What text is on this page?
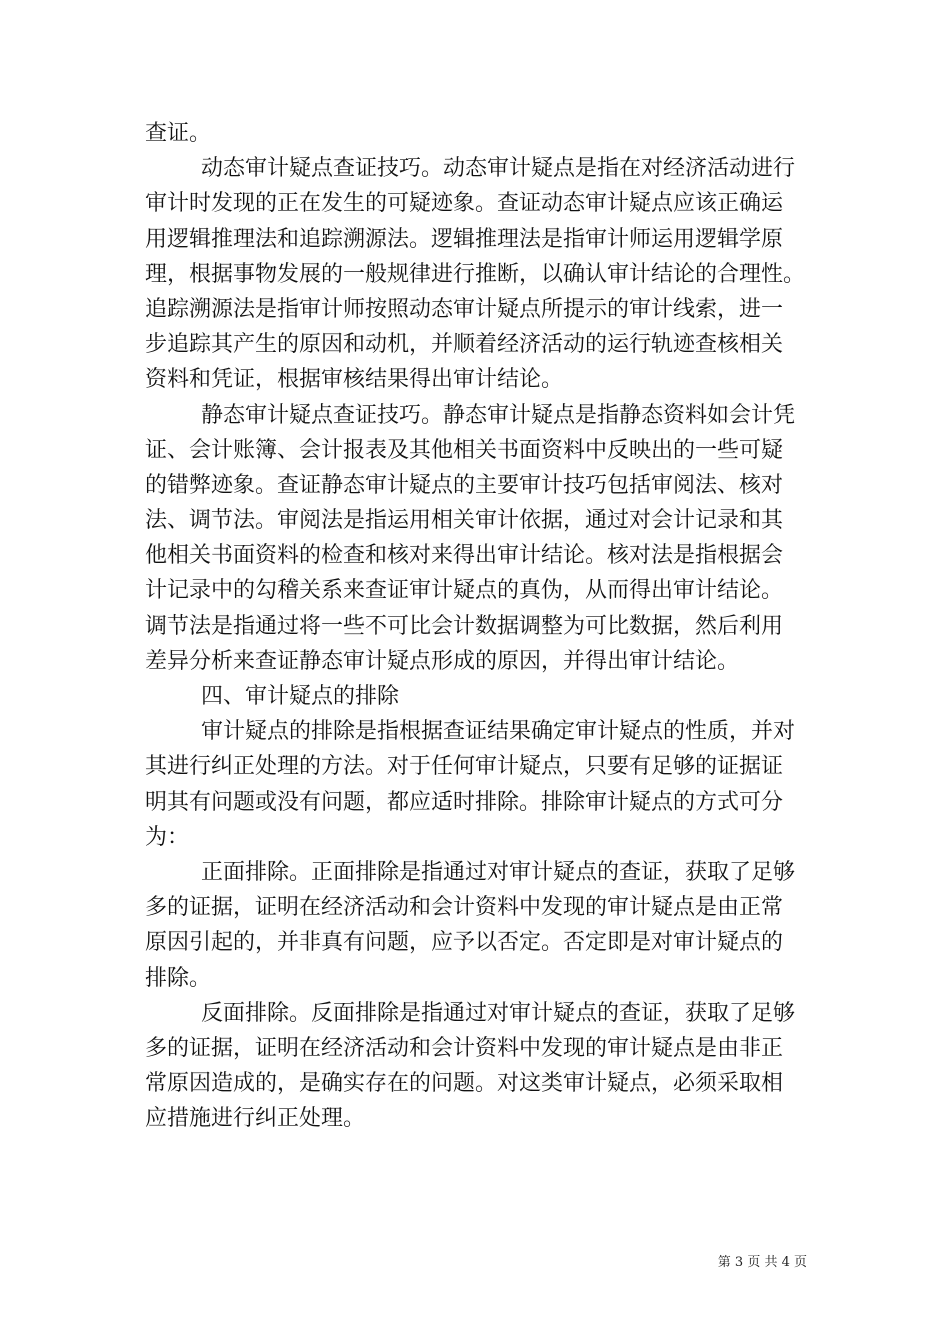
查证。

动态审计疑点查证技巧。动态审计疑点是指在对经济活动进行
审计时发现的正在发生的可疑迹象。查证动态审计疑点应该正确运
用逻辑推理法和追踪溯源法。逻辑推理法是指审计师运用逻辑学原
理，根据事物发展的一般规律进行推断，以确认审计结论的合理性。
追踪溯源法是指审计师按照动态审计疑点所提示的审计线索，进一
步追踪其产生的原因和动机，并顺着经济活动的运行轨迹查核相关
资料和凭证，根据审核结果得出审计结论。

静态审计疑点查证技巧。静态审计疑点是指静态资料如会计凭
证、会计账簿、会计报表及其他相关书面资料中反映出的一些可疑
的错弊迹象。查证静态审计疑点的主要审计技巧包括审阅法、核对
法、调节法。审阅法是指运用相关审计依据，通过对会计记录和其
他相关书面资料的检查和核对来得出审计结论。核对法是指根据会
计记录中的勾稽关系来查证审计疑点的真伪，从而得出审计结论。
调节法是指通过将一些不可比会计数据调整为可比数据，然后利用
差异分析来查证静态审计疑点形成的原因，并得出审计结论。

四、审计疑点的排除

审计疑点的排除是指根据查证结果确定审计疑点的性质，并对
其进行纠正处理的方法。对于任何审计疑点，只要有足够的证据证
明其有问题或没有问题，都应适时排除。排除审计疑点的方式可分
为：

正面排除。正面排除是指通过对审计疑点的查证，获取了足够
多的证据，证明在经济活动和会计资料中发现的审计疑点是由正常
原因引起的，并非真有问题，应予以否定。否定即是对审计疑点的
排除。

反面排除。反面排除是指通过对审计疑点的查证，获取了足够
多的证据，证明在经济活动和会计资料中发现的审计疑点是由非正
常原因造成的，是确实存在的问题。对这类审计疑点，必须采取相
应措施进行纠正处理。

第 3 页 共 4 页
